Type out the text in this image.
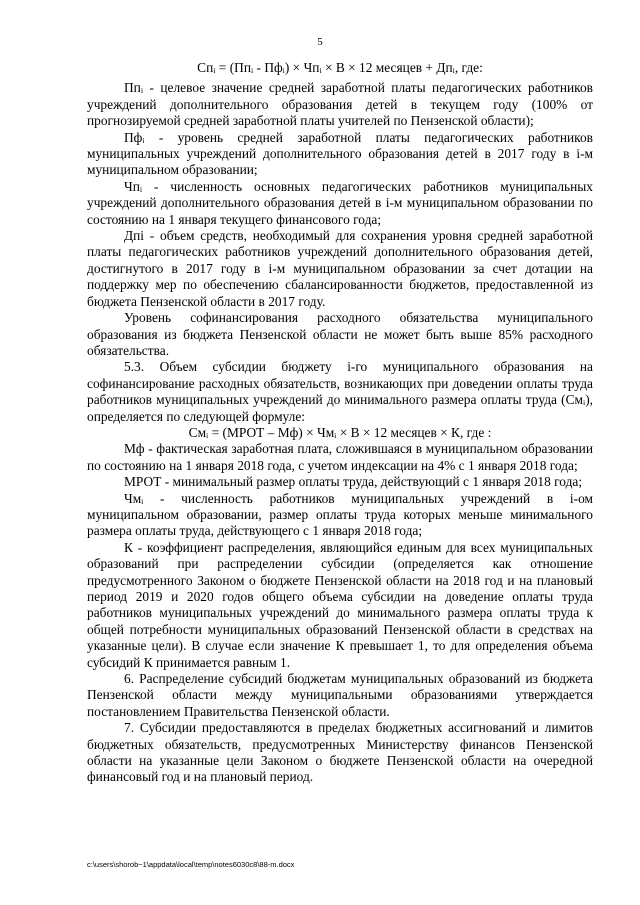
5
Спᵢ = (Ппᵢ - Пфᵢ) × Чпᵢ × В × 12 месяцев + Дпᵢ, где:

Ппᵢ - целевое значение средней заработной платы педагогических работников учреждений дополнительного образования детей в текущем году (100% от прогнозируемой средней заработной платы учителей по Пензенской области);

Пфᵢ - уровень средней заработной платы педагогических работников муниципальных учреждений дополнительного образования детей в 2017 году в i-м муниципальном образовании;

Чпᵢ - численность основных педагогических работников муниципальных учреждений дополнительного образования детей в i-м муниципальном образовании по состоянию на 1 января текущего финансового года;

Дпi - объем средств, необходимый для сохранения уровня средней заработной платы педагогических работников учреждений дополнительного образования детей, достигнутого в 2017 году в i-м муниципальном образовании за счет дотации на поддержку мер по обеспечению сбалансированности бюджетов, предоставленной из бюджета Пензенской области в 2017 году.

Уровень софинансирования расходного обязательства муниципального образования из бюджета Пензенской области не может быть выше 85% расходного обязательства.

5.3. Объем субсидии бюджету i-го муниципального образования на софинансирование расходных обязательств, возникающих при доведении оплаты труда работников муниципальных учреждений до минимального размера оплаты труда (Смᵢ), определяется по следующей формуле:

Смᵢ = (МРОТ – Мф) × Чмᵢ × В × 12 месяцев × К, где :

Мф - фактическая заработная плата, сложившаяся в муниципальном образовании по состоянию на 1 января 2018 года, с учетом индексации на 4% с 1 января 2018 года;

МРОТ - минимальный размер оплаты труда, действующий с 1 января 2018 года;

Чмᵢ - численность работников муниципальных учреждений в i-ом муниципальном образовании, размер оплаты труда которых меньше минимального размера оплаты труда, действующего с 1 января 2018 года;

К - коэффициент распределения, являющийся единым для всех муниципальных образований при распределении субсидии (определяется как отношение предусмотренного Законом о бюджете Пензенской области на 2018 год и на плановый период 2019 и 2020 годов общего объема субсидии на доведение оплаты труда работников муниципальных учреждений до минимального размера оплаты труда к общей потребности муниципальных образований Пензенской области в средствах на указанные цели). В случае если значение К превышает 1, то для определения объема субсидий К принимается равным 1.

6. Распределение субсидий бюджетам муниципальных образований из бюджета Пензенской области между муниципальными образованиями утверждается постановлением Правительства Пензенской области.

7. Субсидии предоставляются в пределах бюджетных ассигнований и лимитов бюджетных обязательств, предусмотренных Министерству финансов Пензенской области на указанные цели Законом о бюджете Пензенской области на очередной финансовый год и на плановый период.

c:\users\shorob~1\appdata\local\temp\notes6030c8\88-m.docx
